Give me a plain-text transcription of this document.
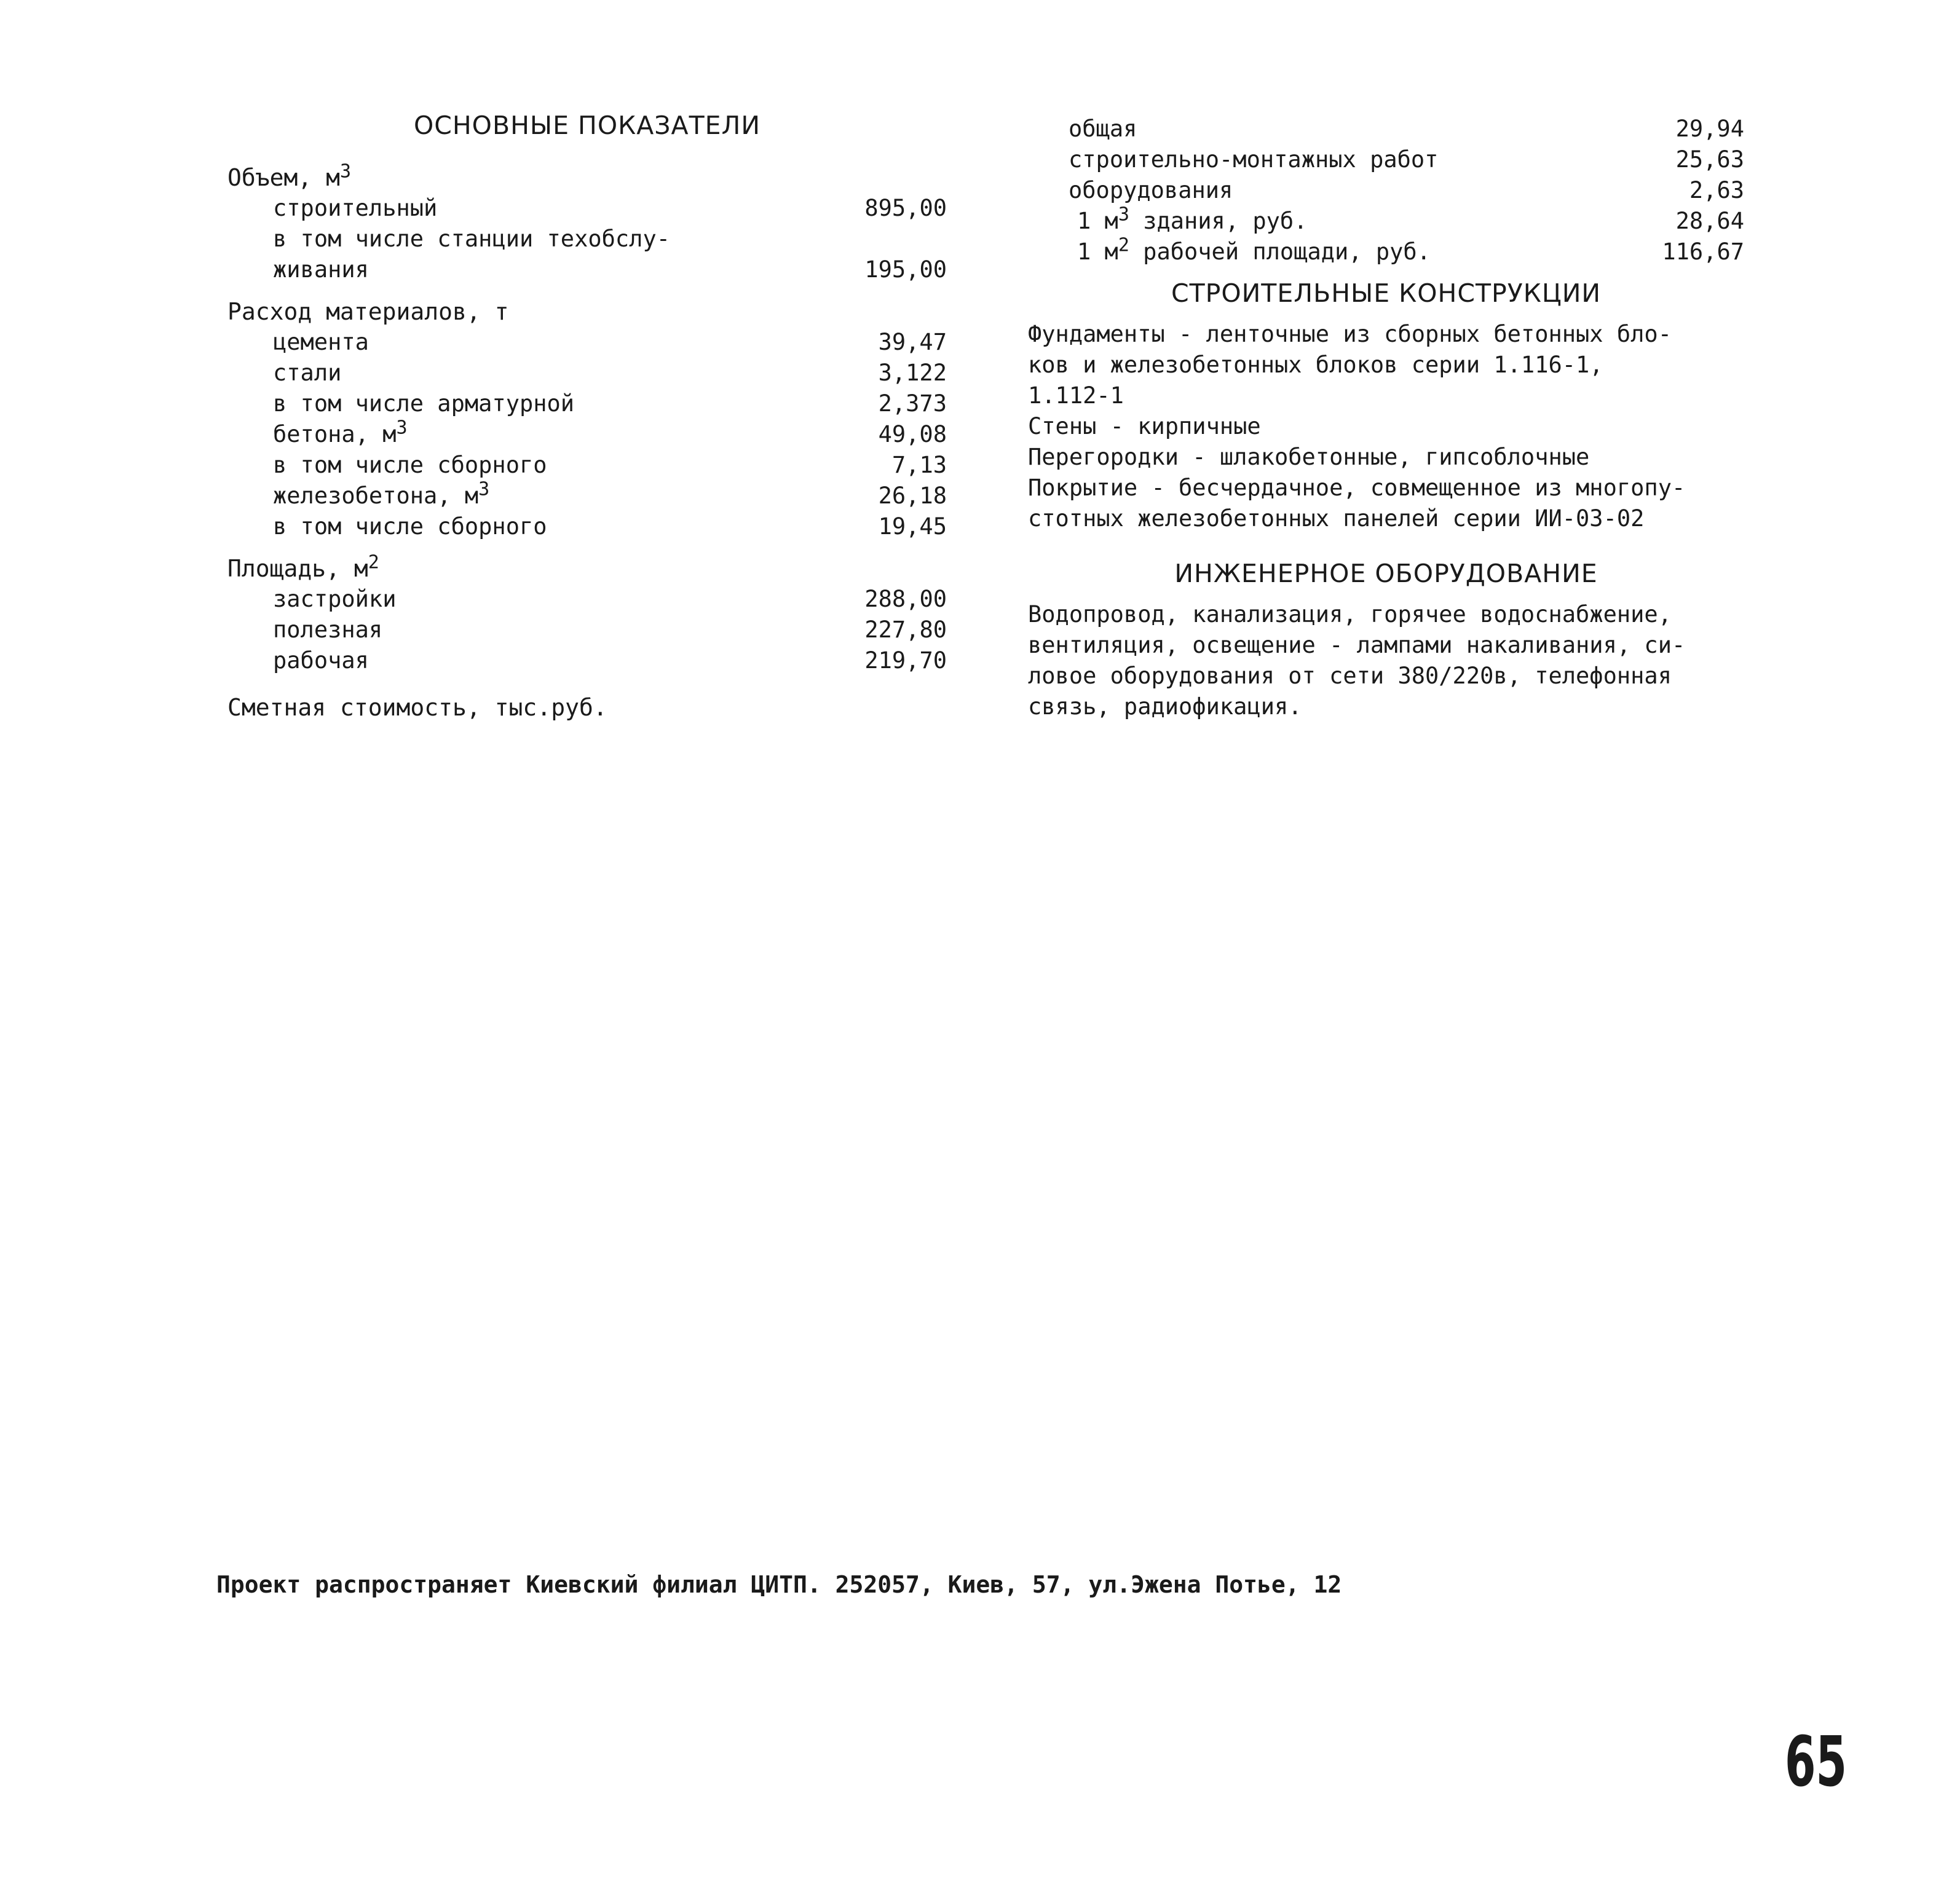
ОСНОВНЫЕ ПОКАЗАТЕЛИ
Объем, $м^3$
строительный	895,00
в том числе станции техобслу-
живания	195,00
Расход материалов, т
цемента	39,47
стали	3,122
в том числе арматурной	2,373
бетона, $м^3$	49,08
в том числе сборного	7,13
железобетона, $м^3$	26,18
в том числе сборного	19,45
Площадь, $м^2$
застройки	288,00
полезная	227,80
рабочая	219,70
Сметная стоимость, тыс.руб.
общая	29,94
строительно-монтажных работ	25,63
оборудования	2,63
1 $м^3$ здания, руб.	28,64
1 $м^2$ рабочей площади, руб.	116,67
СТРОИТЕЛЬНЫЕ КОНСТРУКЦИИ
Фундаменты - ленточные из сборных бетонных бло-
ков и железобетонных блоков серии 1.116-1,
1.112-1
Стены - кирпичные
Перегородки - шлакобетонные, гипсоблочные
Покрытие - бесчердачное, совмещенное из многопу-
стотных железобетонных панелей серии ИИ-03-02
ИНЖЕНЕРНОЕ ОБОРУДОВАНИЕ
Водопровод, канализация, горячее водоснабжение,
вентиляция, освещение - лампами накаливания, си-
ловое оборудования от сети 380/220в, телефонная
связь, радиофикация.
Проект распространяет Киевский филиал ЦИТП. 252057, Киев, 57, ул.Эжена Потье, 12
65
